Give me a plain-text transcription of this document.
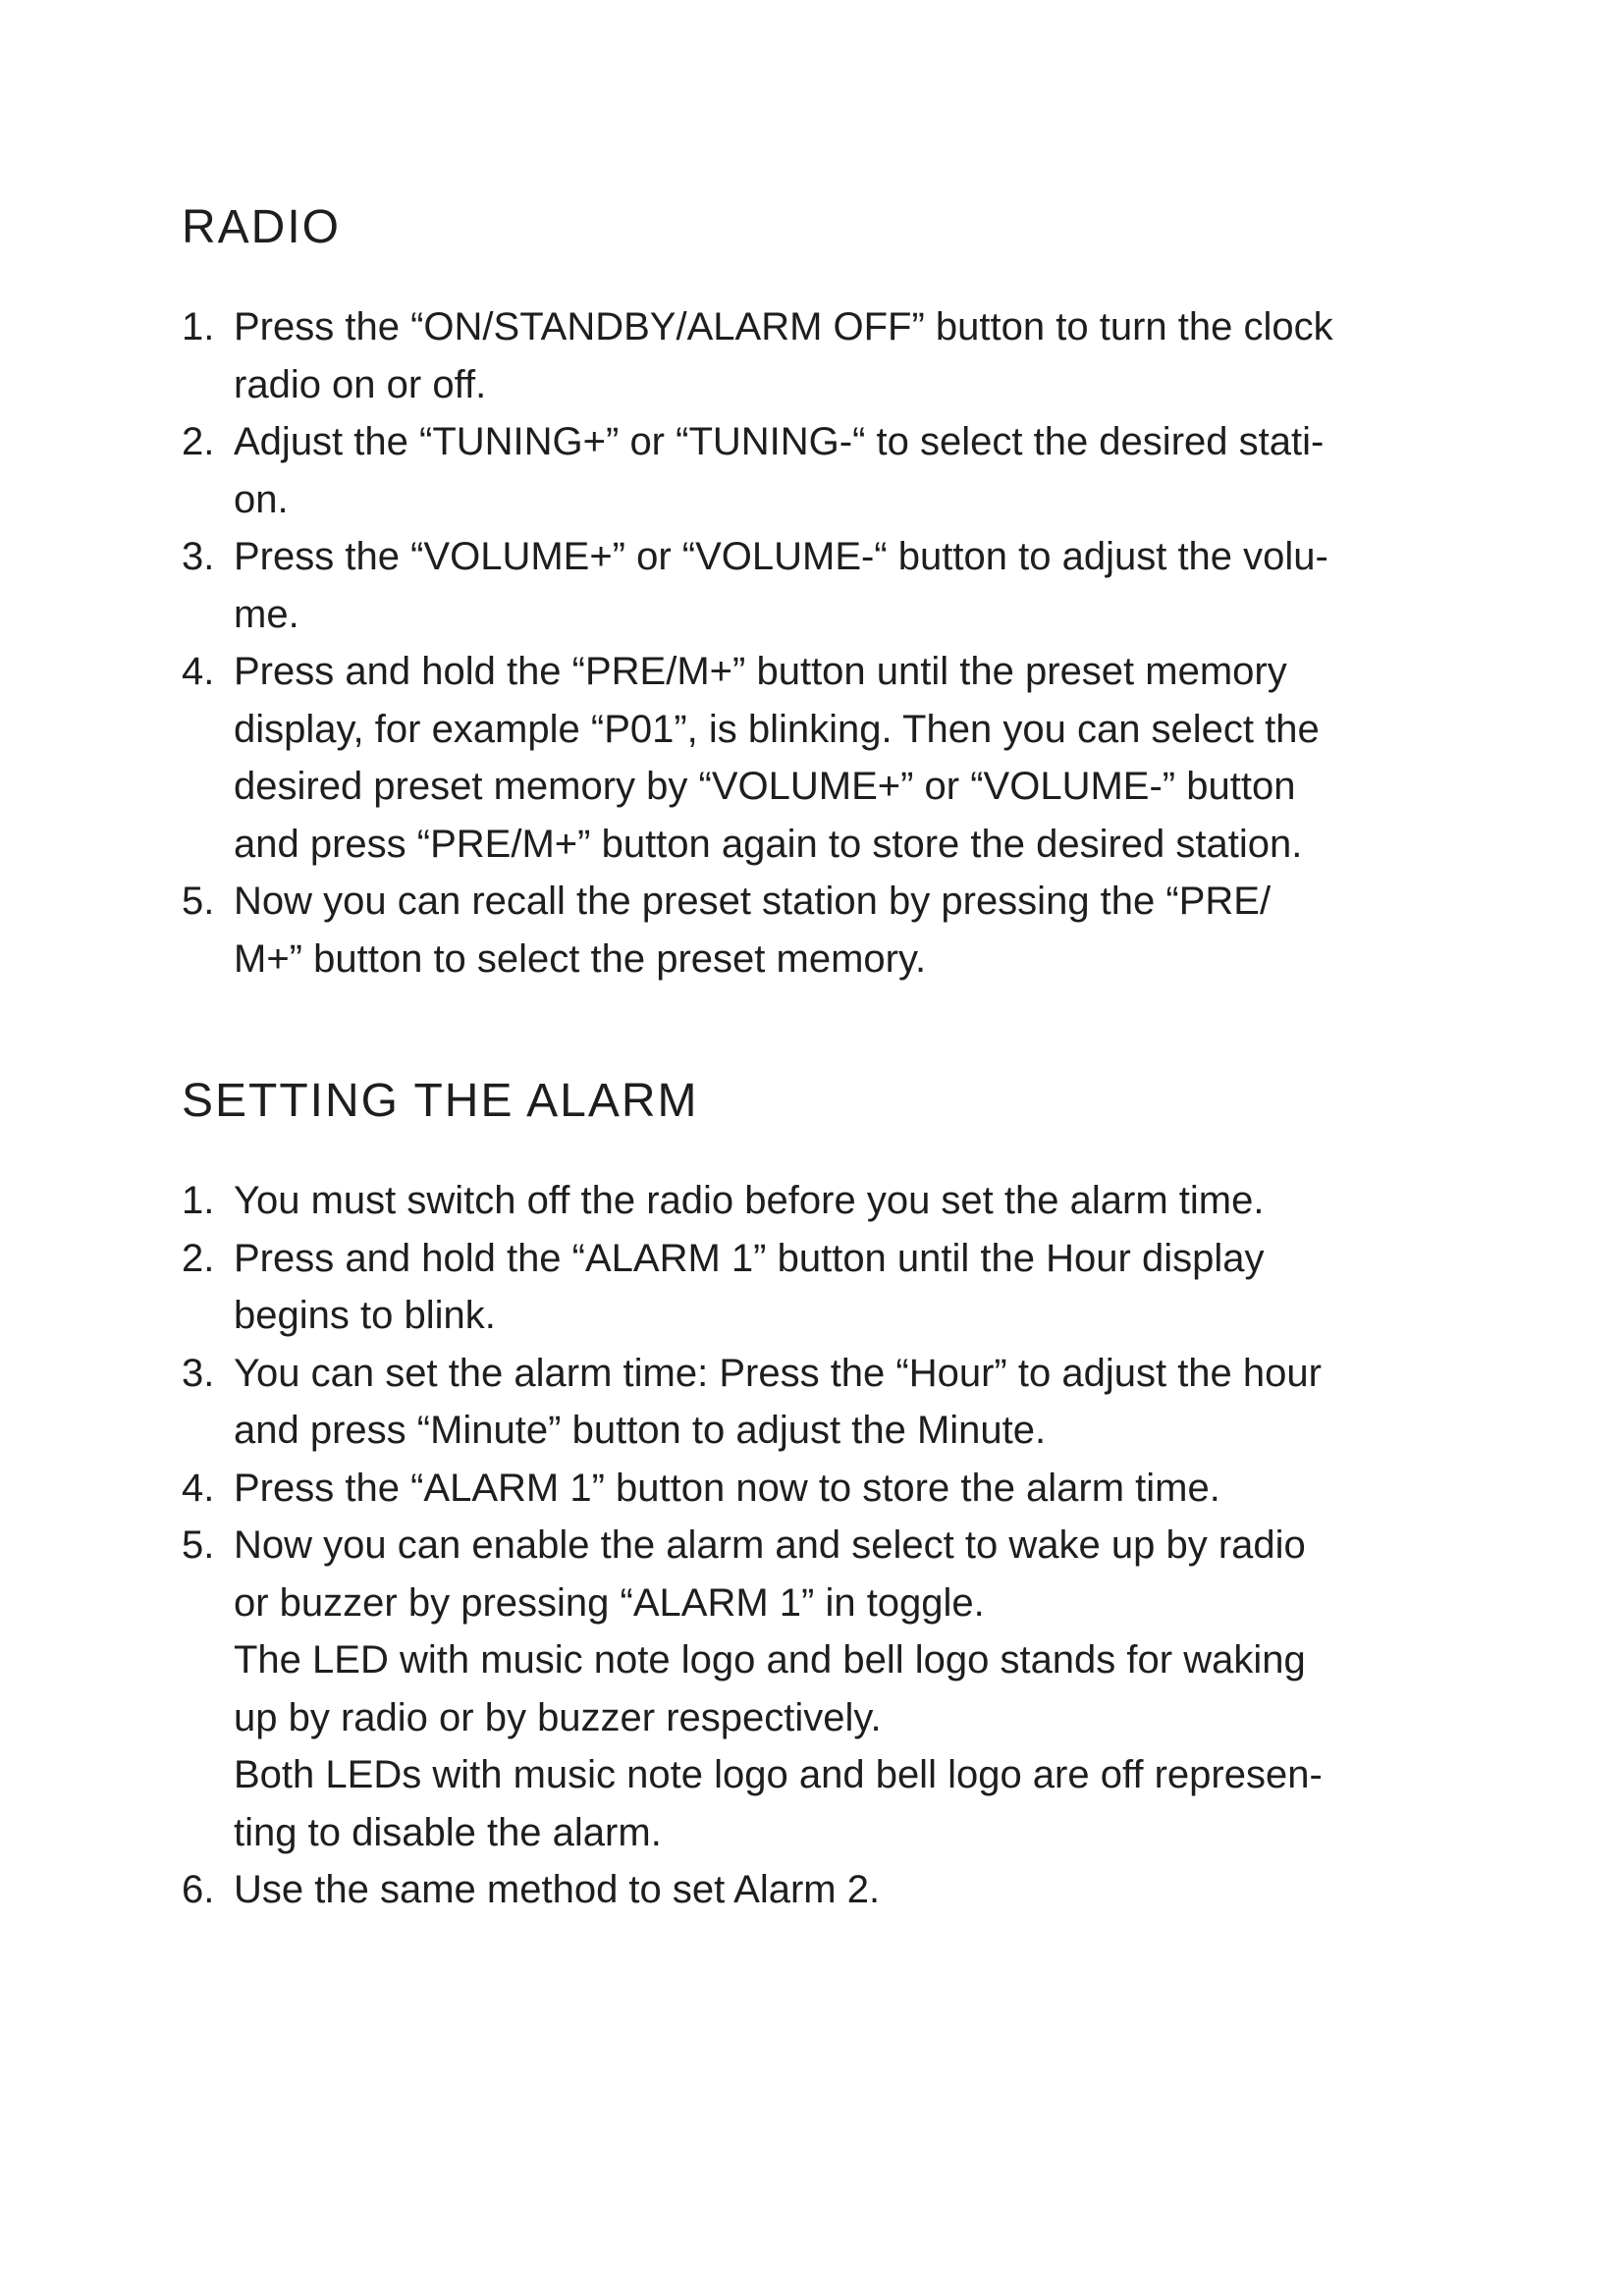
RADIO
1. Press the “ON/STANDBY/ALARM OFF” button to turn the clock
radio on or off.
2. Adjust the “TUNING+” or “TUNING-“ to select the desired stati-
on.
3. Press the “VOLUME+” or “VOLUME-“ button to adjust the volu-
me.
4. Press and hold the “PRE/M+” button until the preset memory
display, for example “P01”, is blinking. Then you can select the
desired preset memory by “VOLUME+” or “VOLUME-” button
and press “PRE/M+” button again to store the desired station.
5. Now you can recall the preset station by pressing the “PRE/
M+” button to select the preset memory.
SETTING THE ALARM
1. You must switch off the radio before you set the alarm time.
2. Press and hold the “ALARM 1” button until the Hour display
begins to blink.
3. You can set the alarm time: Press the “Hour” to adjust the hour
and press “Minute” button to adjust the Minute.
4. Press the “ALARM 1” button now to store the alarm time.
5. Now you can enable the alarm and select to wake up by radio
or buzzer by pressing “ALARM 1” in toggle.
The LED with music note logo and bell logo stands for waking
up by radio or by buzzer respectively.
Both LEDs with music note logo and bell logo are off represen-
ting to disable the alarm.
6. Use the same method to set Alarm 2.
